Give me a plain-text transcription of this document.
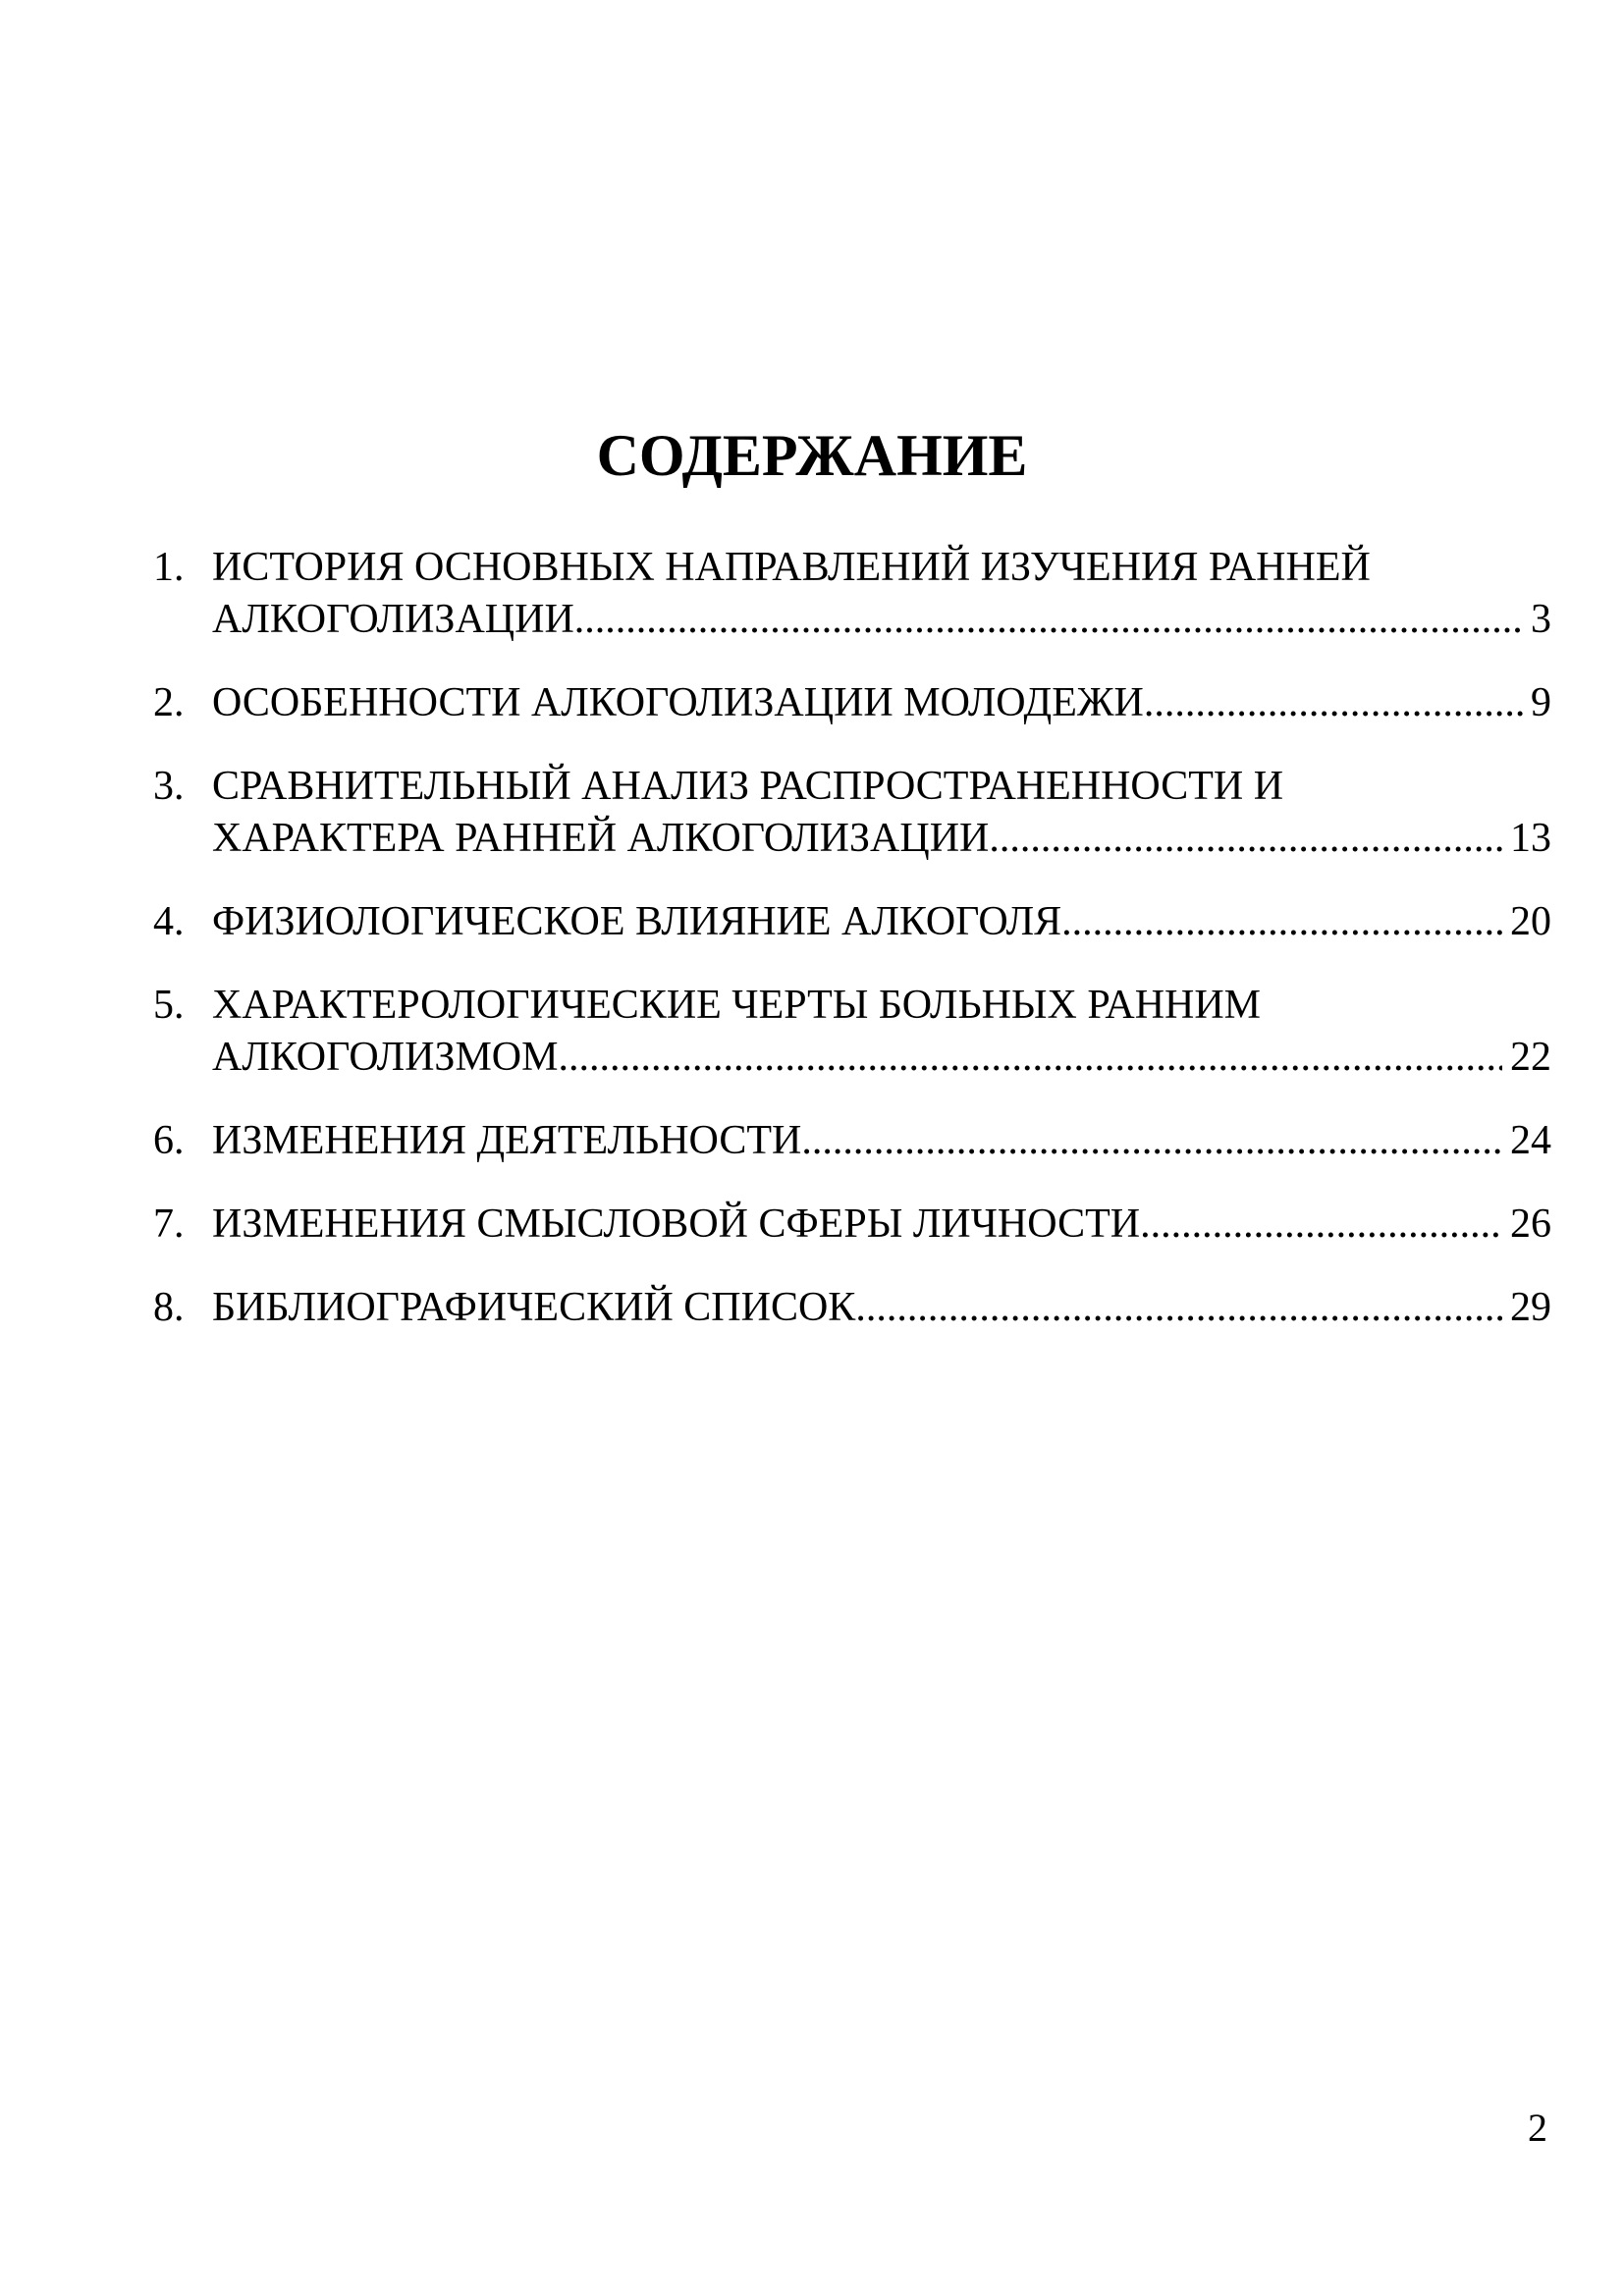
СОДЕРЖАНИЕ
1. ИСТОРИЯ ОСНОВНЫХ НАПРАВЛЕНИЙ ИЗУЧЕНИЯ РАННЕЙ
АЛКОГОЛИЗАЦИИ .....	3
2. ОСОБЕННОСТИ АЛКОГОЛИЗАЦИИ МОЛОДЕЖИ .....	9
3. СРАВНИТЕЛЬНЫЙ АНАЛИЗ РАСПРОСТРАНЕННОСТИ И
ХАРАКТЕРА РАННЕЙ АЛКОГОЛИЗАЦИИ .....	13
4. ФИЗИОЛОГИЧЕСКОЕ ВЛИЯНИЕ АЛКОГОЛЯ .....	20
5. ХАРАКТЕРОЛОГИЧЕСКИЕ ЧЕРТЫ БОЛЬНЫХ РАННИМ
АЛКОГОЛИЗМОМ .....	22
6. ИЗМЕНЕНИЯ ДЕЯТЕЛЬНОСТИ .....	24
7. ИЗМЕНЕНИЯ СМЫСЛОВОЙ СФЕРЫ ЛИЧНОСТИ .....	26
8. БИБЛИОГРАФИЧЕСКИЙ СПИСОК .....	29
2
